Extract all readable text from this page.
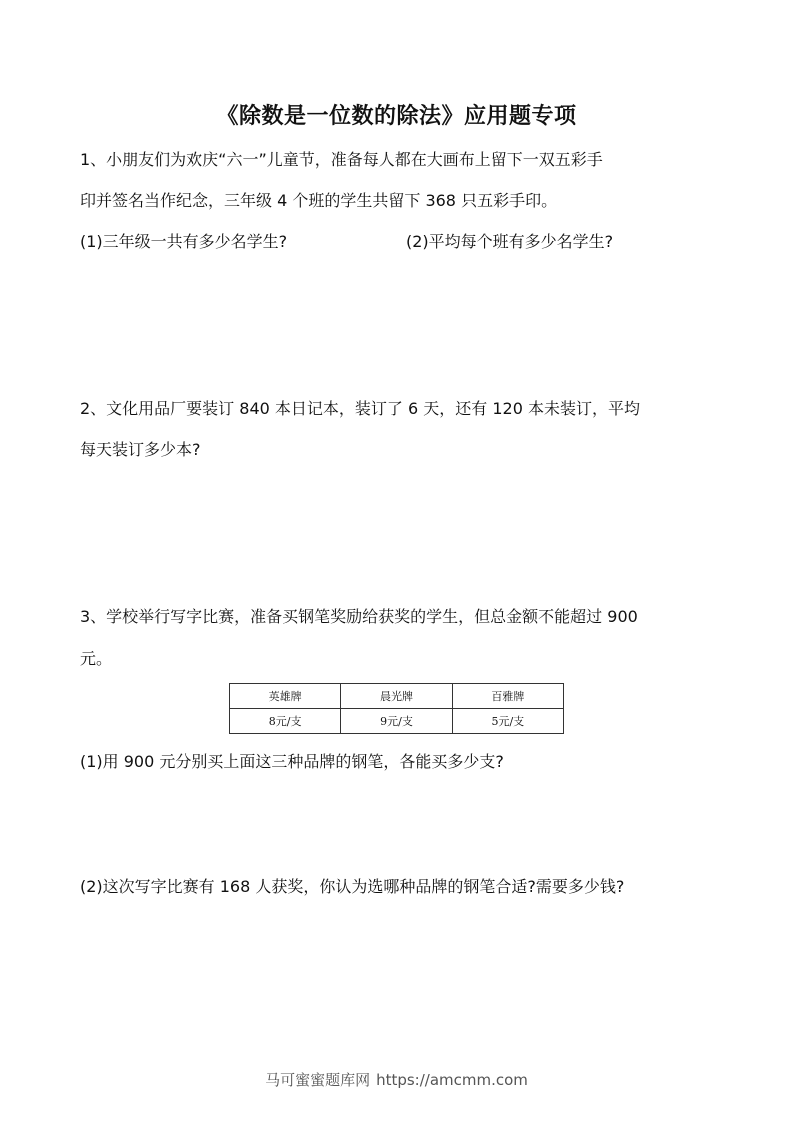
《除数是一位数的除法》应用题专项
1、小朋友们为欢庆“六一”儿童节，准备每人都在大画布上留下一双五彩手
印并签名当作纪念，三年级 4 个班的学生共留下 368 只五彩手印。
(1)三年级一共有多少名学生?	(2)平均每个班有多少名学生?
2、文化用品厂要装订 840 本日记本，装订了 6 天，还有 120 本未装订，平均
每天装订多少本?
3、学校举行写字比赛，准备买钢笔奖励给获奖的学生，但总金额不能超过 900
元。
英雄牌	晨光牌	百雅牌
8元/支	9元/支	5元/支
(1)用 900 元分别买上面这三种品牌的钢笔，各能买多少支?
(2)这次写字比赛有 168 人获奖，你认为选哪种品牌的钢笔合适?需要多少钱?
马可蜜蜜题库网 https://amcmm.com
